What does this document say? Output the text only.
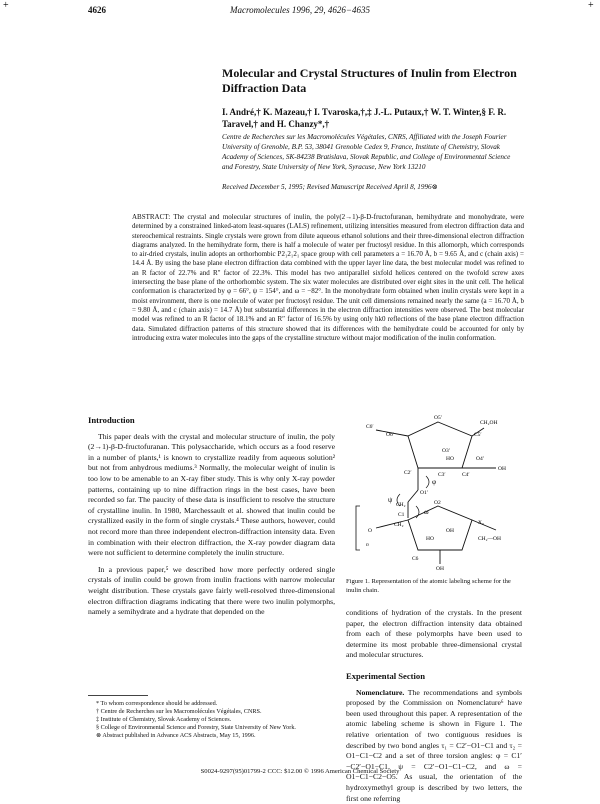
+	+
4626	Macromolecules 1996, 29, 4626−4635
Molecular and Crystal Structures of Inulin from Electron Diffraction Data
I. André,† K. Mazeau,† I. Tvaroska,†,‡ J.-L. Putaux,† W. T. Winter,§ F. R. Taravel,† and H. Chanzy*,†
Centre de Recherches sur les Macromolécules Végétales, CNRS, Affiliated with the Joseph Fourier University of Grenoble, B.P. 53, 38041 Grenoble Cedex 9, France, Institute of Chemistry, Slovak Academy of Sciences, SK-84238 Bratislava, Slovak Republic, and College of Environmental Science and Forestry, State University of New York, Syracuse, New York 13210
Received December 5, 1995; Revised Manuscript Received April 8, 1996⊗
ABSTRACT: The crystal and molecular structures of inulin, the poly(2→1)-β-D-fructofuranan, hemihydrate and monohydrate, were determined by a constrained linked-atom least-squares (LALS) refinement, utilizing intensities measured from electron diffraction data and stereochemical restraints. Single crystals were grown from dilute aqueous ethanol solutions and their three-dimensional electron diffraction diagrams analyzed. In the hemihydrate form, there is half a molecule of water per fructosyl residue. In this allomorph, which corresponds to air-dried crystals, inulin adopts an orthorhombic P2₁2₁2₁ space group with cell parameters a = 16.70 Å, b = 9.65 Å, and c (chain axis) = 14.4 Å. By using the base plane electron diffraction data combined with the upper layer line data, the best molecular model was refined to an R factor of 22.7% and R″ factor of 22.3%. This model has two antiparallel sixfold helices centered on the twofold screw axes intersecting the base plane of the orthorhombic system. The six water molecules are distributed over eight sites in the unit cell. The helical conformation is characterized by φ = 66°, ψ = 154°, and ω = −82°. In the monohydrate form obtained when inulin crystals were kept in a moist environment, there is one molecule of water per fructosyl residue. The unit cell dimensions remained nearly the same (a = 16.70 Å, b = 9.80 Å, and c (chain axis) = 14.7 Å) but substantial differences in the electron diffraction intensities were observed. The best molecular model was refined to an R factor of 18.1% and an R″ factor of 16.5% by using only hk0 reflections of the base plane electron diffraction data. Simulated diffraction patterns of this structure showed that its differences with the hemihydrate could be accounted for only by introducing extra water molecules into the gaps of the crystalline structure without major modification of the inulin conformation.
Introduction

This paper deals with the crystal and molecular structure of inulin, the poly (2→1)-β-D-fructofuranan. This polysaccharide, which occurs as a food reserve in a number of plants,¹ is known to crystallize readily from aqueous solution² but not from anhydrous mediums.³ Normally, the molecular weight of inulin is too low to be amenable to an X-ray fiber study. This is why only X-ray powder patterns, containing up to nine diffraction rings in the best cases, have been recorded so far. The paucity of these data is insufficient to resolve the structure of crystalline inulin. In 1980, Marchessault et al. showed that inulin could be crystallized easily in the form of single crystals.⁴ These authors, however, could not record more than three independent electron-diffraction intensity data. Even in combination with their electron diffraction, the X-ray powder diagram data were not sufficient to determine completely the inulin structure.

In a previous paper,⁵ we described how more perfectly ordered single crystals of inulin could be grown from inulin fractions with narrow molecular weight distribution. These crystals gave fairly well-resolved three-dimensional electron diffraction diagrams indicating that there were two inulin polymorphs, namely a semihydrate and a hydrate that depended on the

* To whom correspondence should be addressed.
† Centre de Recherches sur les Macromolécules Végétales, CNRS.
‡ Institute of Chemistry, Slovak Academy of Sciences.
§ College of Environmental Science and Forestry, State University of New York.
⊗ Abstract published in Advance ACS Abstracts, May 15, 1996.
O5′
C5′
C4′
C3′
C2′
C6′
O6′
HO
OH
O3′
CH₂OH
O4′
φ
ψ
ω
O1′
CH₂
C1
O2
OH
HO
X₀
CH₂—OH
O
n
CH₂
OH
C6
Figure 1. Representation of the atomic labeling scheme for the inulin chain.

conditions of hydration of the crystals. In the present paper, the electron diffraction intensity data obtained from each of these polymorphs have been used to determine its most probable three-dimensional crystal and molecular structures.

Experimental Section

Nomenclature. The recommendations and symbols proposed by the Commission on Nomenclature⁶ have been used throughout this paper. A representation of the atomic labeling scheme is shown in Figure 1. The relative orientation of two contiguous residues is described by two bond angles τ₁ = C2′−O1−C1 and τ₂ = O1−C1−C2 and a set of three torsion angles: φ = C1′−C2′−O1−C1, ψ = C2′−O1−C1−C2, and ω = O1−C1−C2−O5. As usual, the orientation of the hydroxymethyl group is described by two letters, the first one referring

S0024-9297(95)01799-2 CCC: $12.00 © 1996 American Chemical Society
